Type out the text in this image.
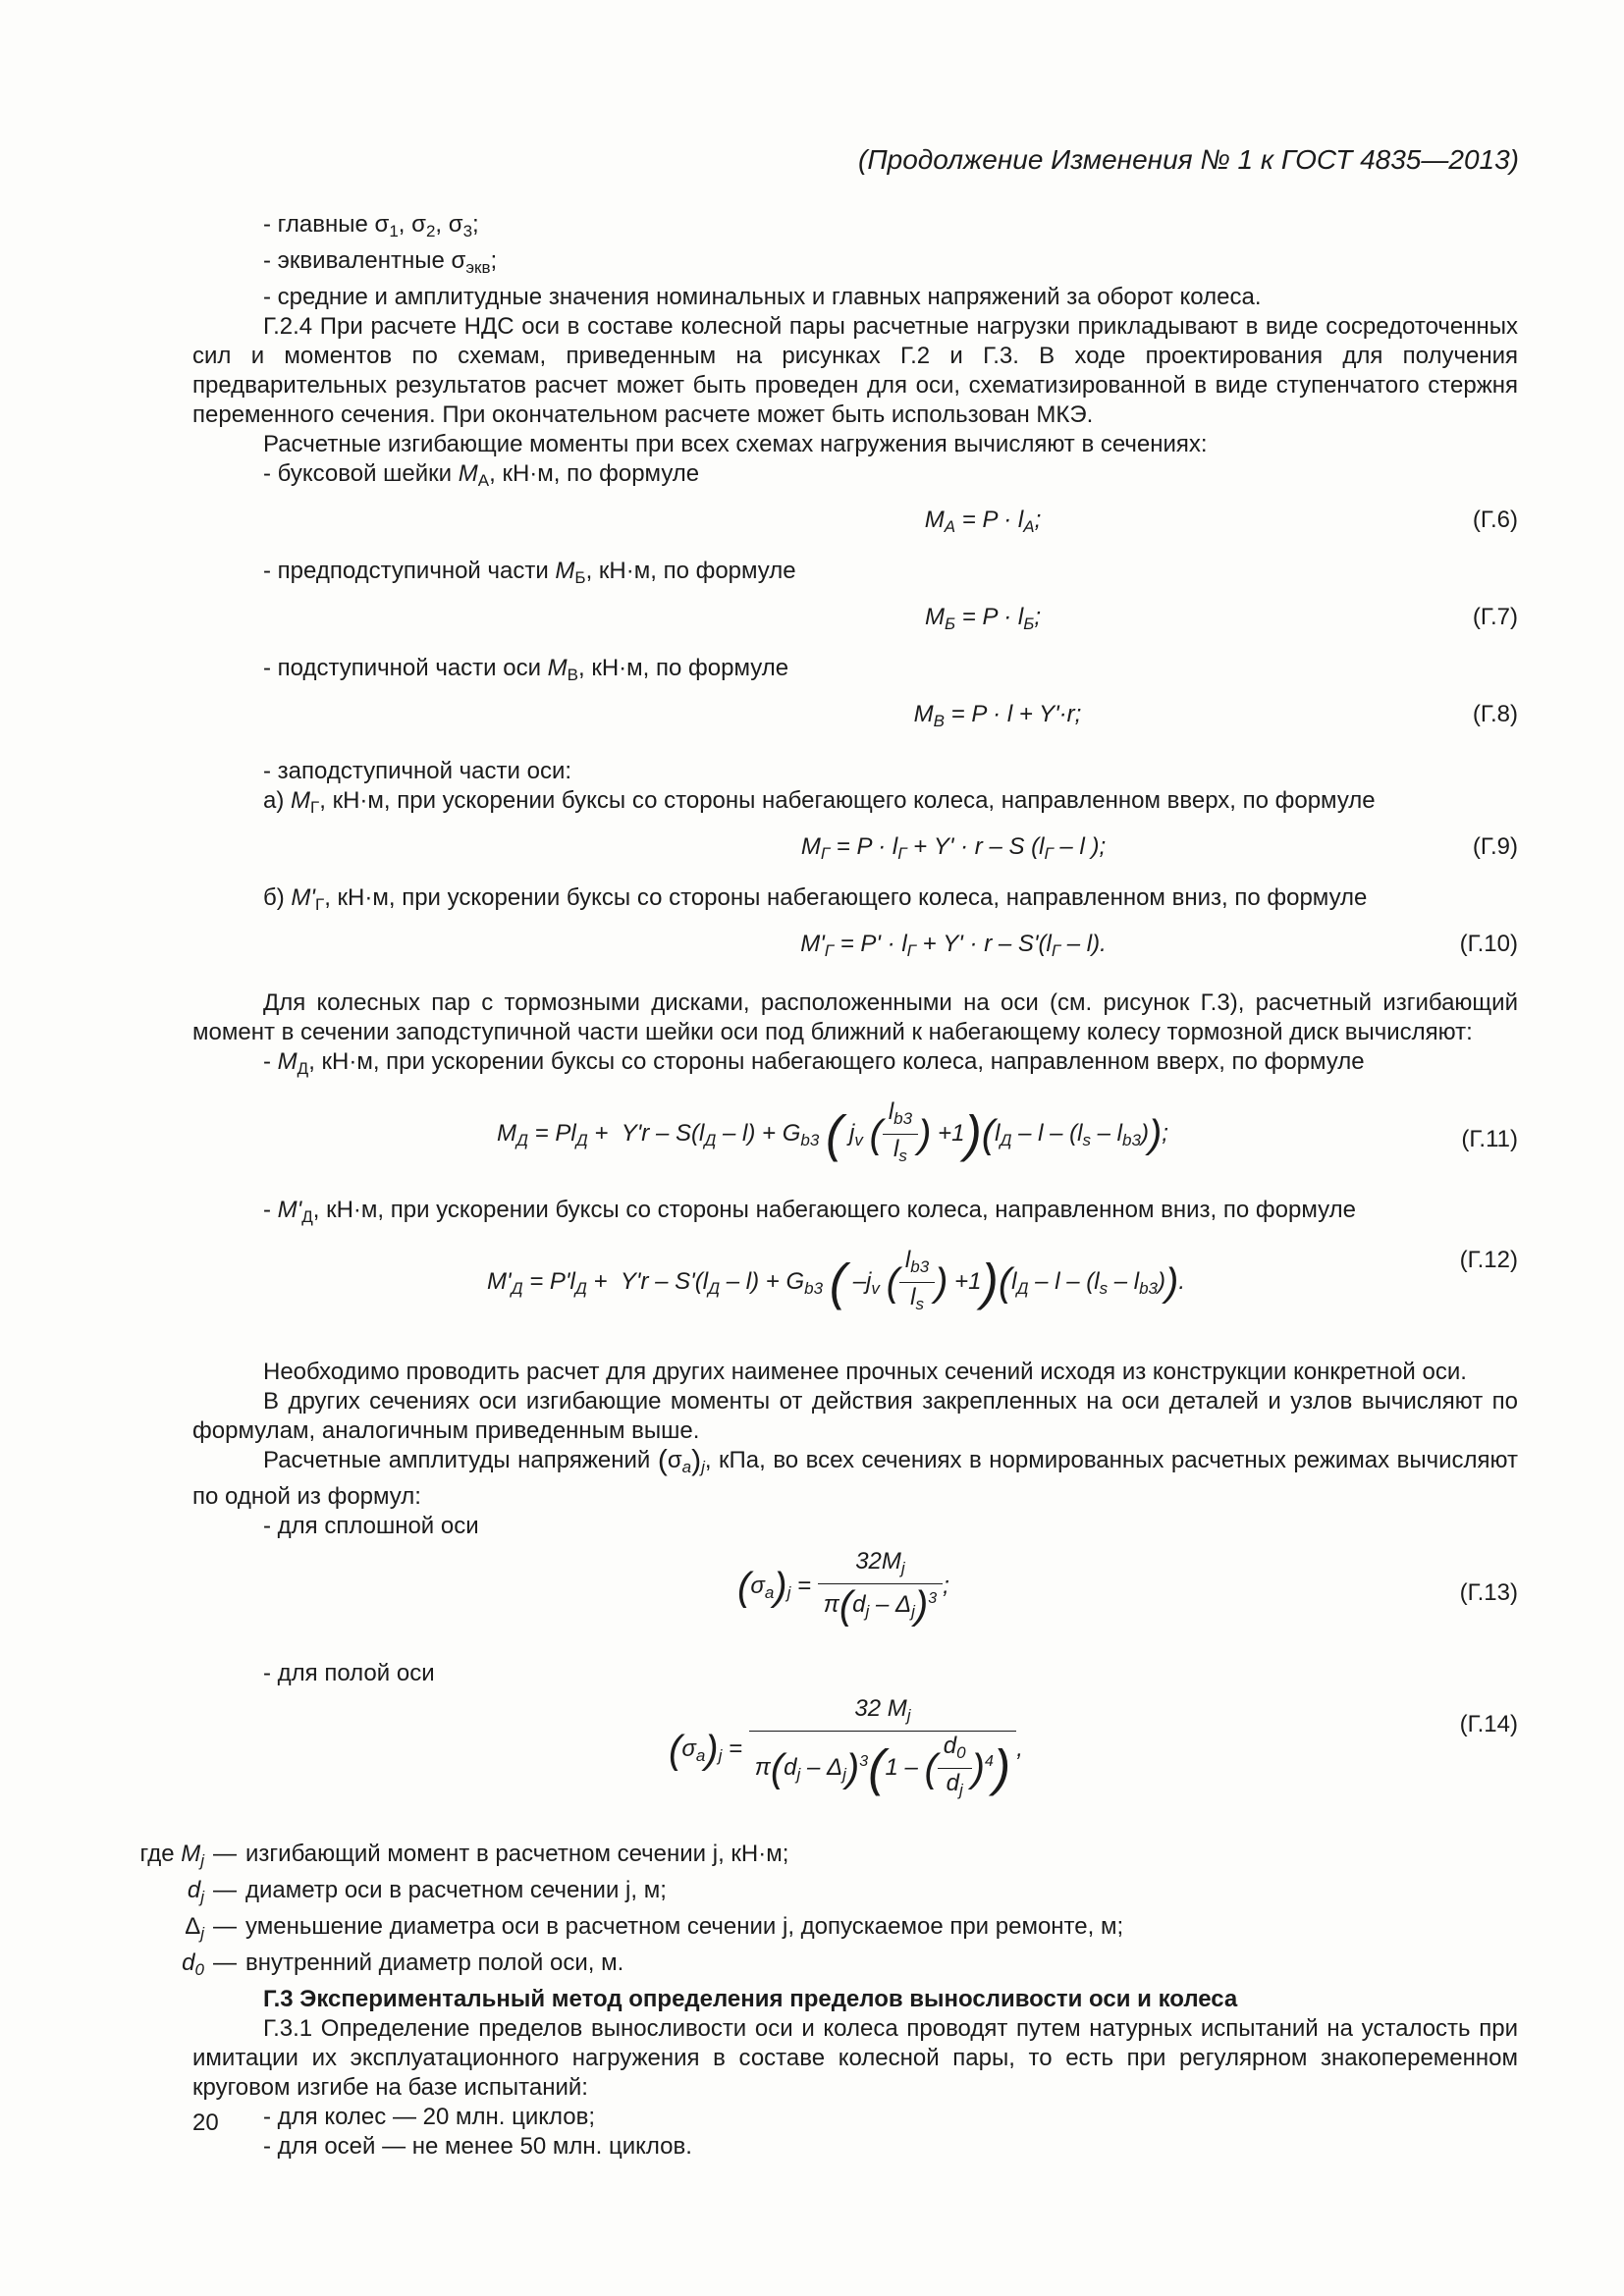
(Продолжение Изменения № 1 к ГОСТ 4835—2013)

- главные $\sigma_1$, $\sigma_2$, $\sigma_3$;

- эквивалентные $\sigma_{экв}$;

- средние и амплитудные значения номинальных и главных напряжений за оборот колеса.

Г.2.4 При расчете НДС оси в составе колесной пары расчетные нагрузки прикладывают в виде сосредоточенных сил и моментов по схемам, приведенным на рисунках Г.2 и Г.3. В ходе проектирования для получения предварительных результатов расчет может быть проведен для оси, схематизированной в виде ступенчатого стержня переменного сечения. При окончательном расчете может быть использован МКЭ.

Расчетные изгибающие моменты при всех схемах нагружения вычисляют в сечениях:

- буксовой шейки $M_А$, кН·м, по формуле

$M_А = P \cdot l_А$;	(Г.6)

- предподступичной части $M_Б$, кН·м, по формуле

$M_Б = P \cdot l_Б$;	(Г.7)

- подступичной части оси $M_В$, кН·м, по формуле

$M_В = P \cdot l + Y'\cdot r$;	(Г.8)

- заподступичной части оси:

а) $M_Г$, кН·м, при ускорении буксы со стороны набегающего колеса, направленном вверх, по формуле

$M_Г = P \cdot l_Г + Y' \cdot r - S$ ($l_Г$ – l );	(Г.9)

б) $M'_Г$, кН·м, при ускорении буксы со стороны набегающего колеса, направленном вниз, по формуле

$M'_Г = P' \cdot l_Г + Y' \cdot r - S'(l_Г - l)$.	(Г.10)

Для колесных пар с тормозными дисками, расположенными на оси (см. рисунок Г.3), расчетный изгибающий момент в сечении заподступичной части шейки оси под ближний к набегающему колесу тормозной диск вычисляют:

- $M_Д$, кН·м, при ускорении буксы со стороны набегающего колеса, направленном вверх, по формуле

$M_Д = Pl_Д + Y'r - S(l_Д - l) + G_{b3}$ ( $j_v$ ( $\frac{l_{b3}}{l_s}$ ) $+1)(l_Д - l - (l_s - l_{b3}))$;	(Г.11)

- $M'_Д$, кН·м, при ускорении буксы со стороны набегающего колеса, направленном вниз, по формуле

$M'_Д = P'l_Д + Y'r - S'(l_Д - l) + G_{b3}$ ( $-j_v$ ( $\frac{l_{b3}}{l_s}$ ) $+1)(l_Д - l - (l_s - l_{b3}))$.
(Г.12)

Необходимо проводить расчет для других наименее прочных сечений исходя из конструкции конкретной оси.

В других сечениях оси изгибающие моменты от действия закрепленных на оси деталей и узлов вычисляют по формулам, аналогичным приведенным выше.

Расчетные амплитуды напряжений $(\sigma_a)_j$, кПа, во всех сечениях в нормированных расчетных режимах вычисляют по одной из формул:

- для сплошной оси

$(\sigma_a)_j = \frac{32M_j}{\pi(d_j - \Delta_j)^3}$ ;	(Г.13)

- для полой оси

$(\sigma_a)_j = \frac{32 M_j}{\pi(d_j - \Delta_j)^3(1 - ( \frac{d_0}{d_j} )^4)}$ ,
(Г.14)
где $M_j$ — изгибающий момент в расчетном сечении j, кН·м;
$d_j$ — диаметр оси в расчетном сечении j, м;
$\Delta_j$ — уменьшение диаметра оси в расчетном сечении j, допускаемое при ремонте, м;
$d_0$ — внутренний диаметр полой оси, м.

Г.3 Экспериментальный метод определения пределов выносливости оси и колеса

Г.3.1 Определение пределов выносливости оси и колеса проводят путем натурных испытаний на усталость при имитации их эксплуатационного нагружения в составе колесной пары, то есть при регулярном знакопеременном круговом изгибе на базе испытаний:

- для колес — 20 млн. циклов;

- для осей — не менее 50 млн. циклов.

20
